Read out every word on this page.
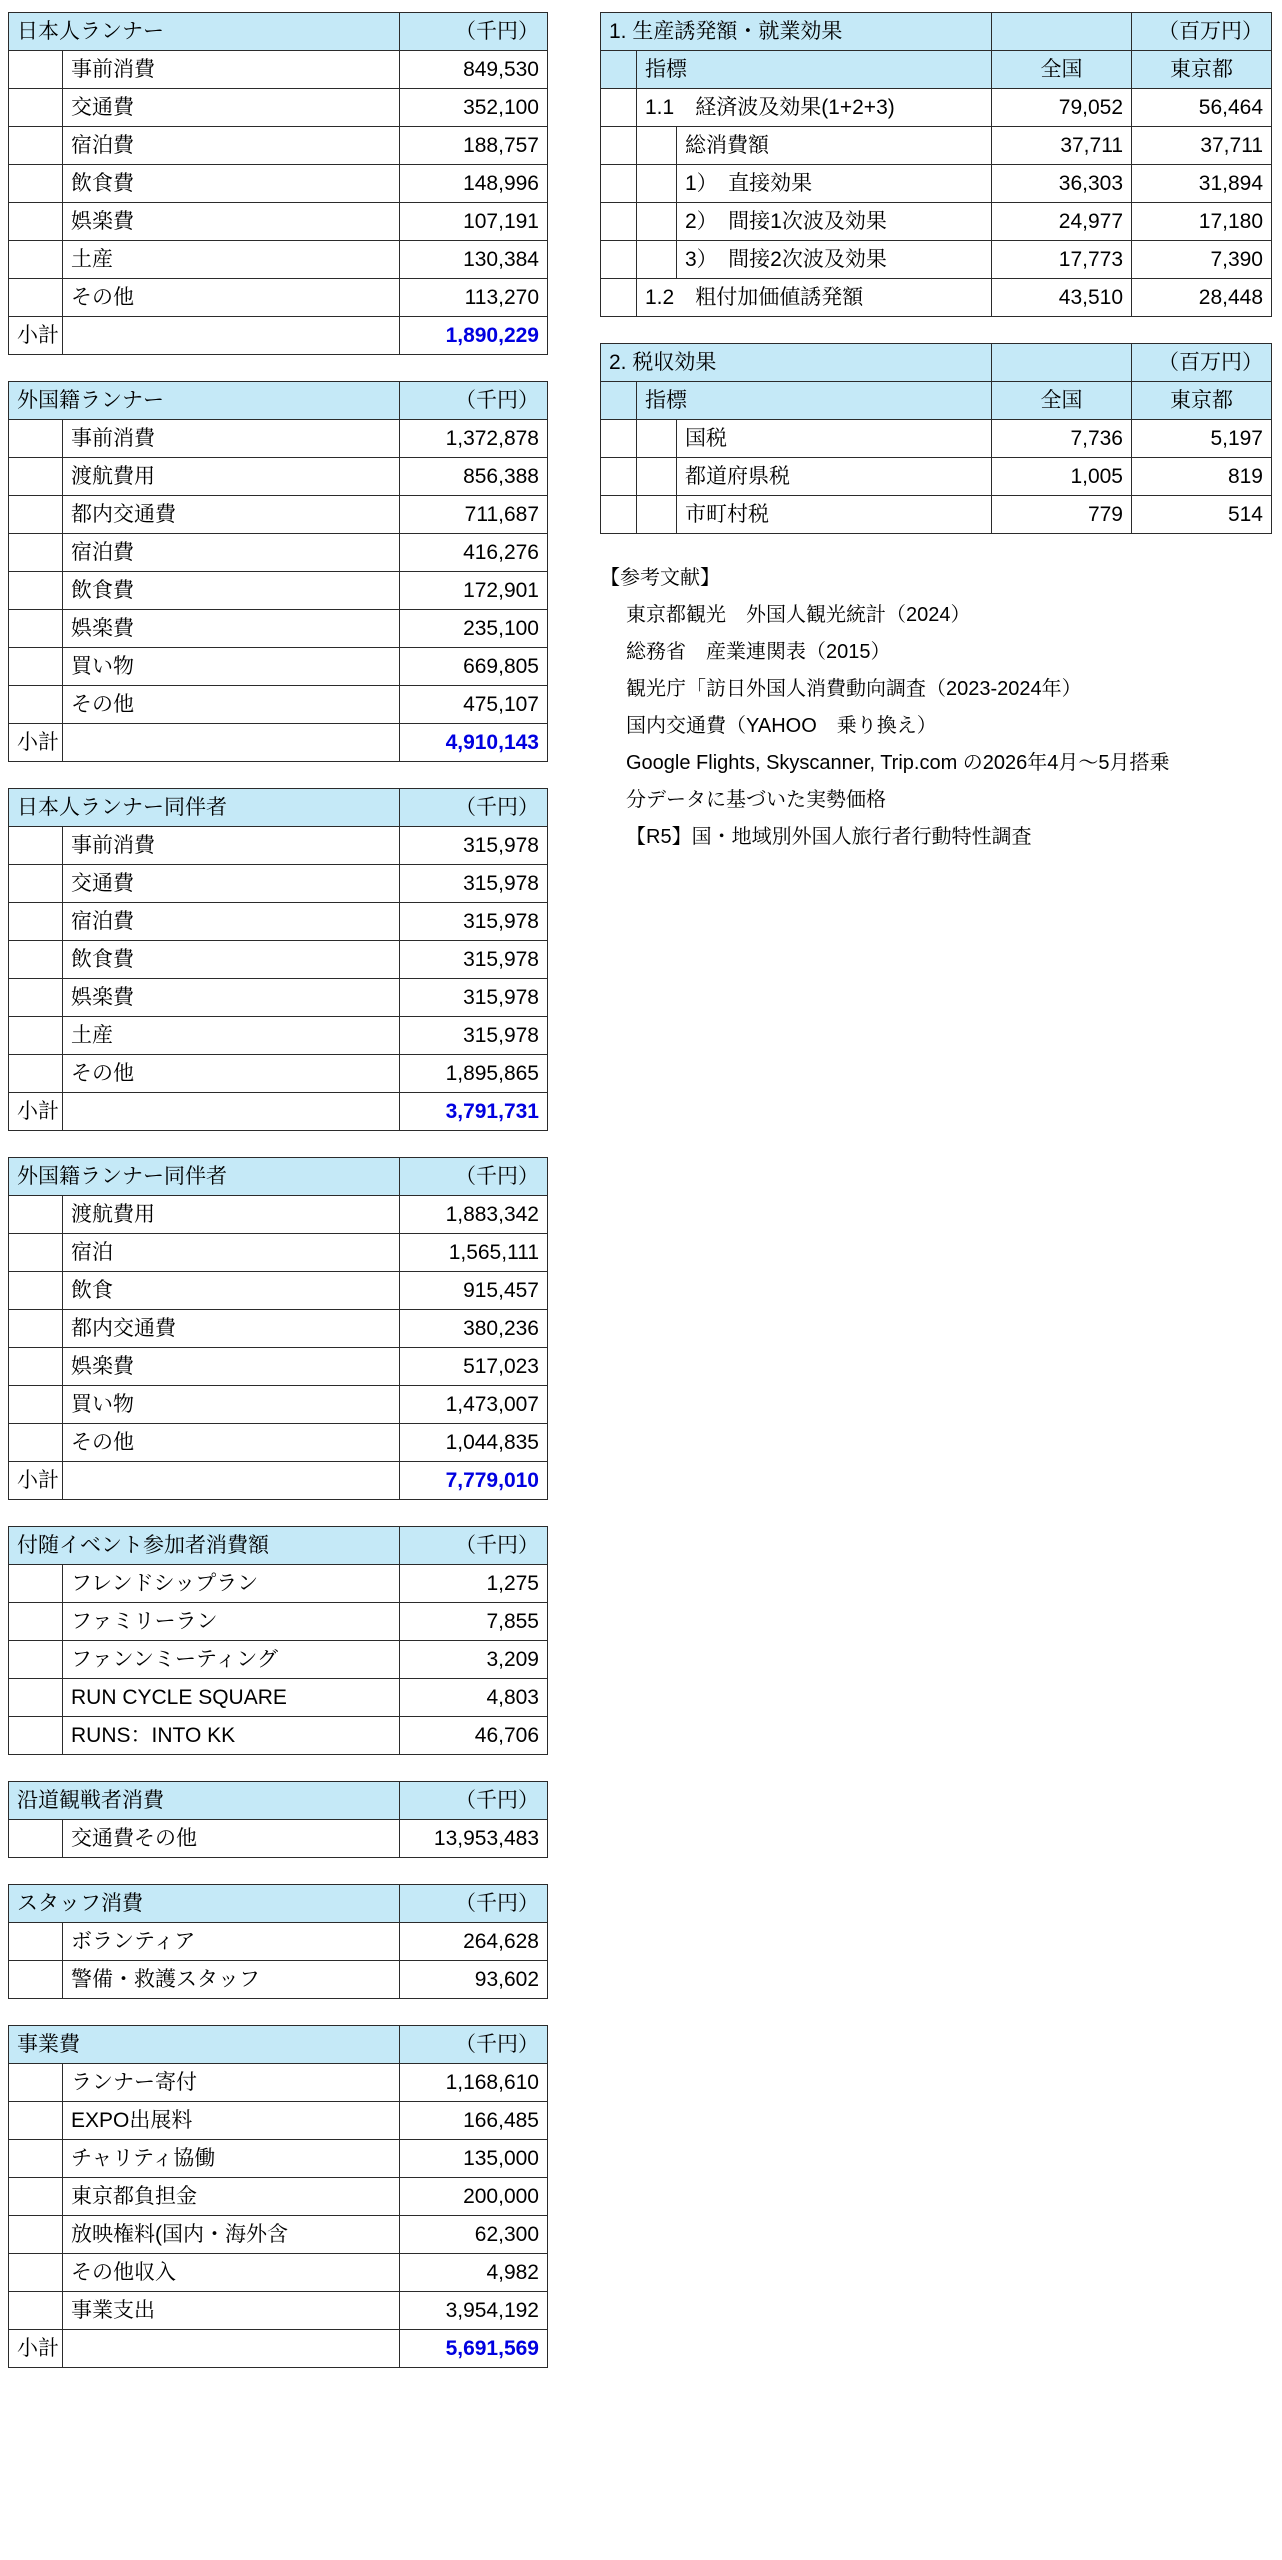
日本人ランナー		（千円）
	事前消費	849,530
	交通費	352,100
	宿泊費	188,757
	飲食費	148,996
	娯楽費	107,191
	土産	130,384
	その他	113,270
小計		1,890,229
外国籍ランナー		（千円）
	事前消費	1,372,878
	渡航費用	856,388
	都内交通費	711,687
	宿泊費	416,276
	飲食費	172,901
	娯楽費	235,100
	買い物	669,805
	その他	475,107
小計		4,910,143
日本人ランナー同伴者		（千円）
	事前消費	315,978
	交通費	315,978
	宿泊費	315,978
	飲食費	315,978
	娯楽費	315,978
	土産	315,978
	その他	1,895,865
小計		3,791,731
外国籍ランナー同伴者		（千円）
	渡航費用	1,883,342
	宿泊	1,565,111
	飲食	915,457
	都内交通費	380,236
	娯楽費	517,023
	買い物	1,473,007
	その他	1,044,835
小計		7,779,010
付随イベント参加者消費額		（千円）
	フレンドシップラン	1,275
	ファミリーラン	7,855
	ファンンミーティング	3,209
	RUN CYCLE SQUARE	4,803
	RUNS：INTO KK	46,706
沿道観戦者消費		（千円）
	交通費その他	13,953,483
スタッフ消費		（千円）
	ボランティア	264,628
	警備・救護スタッフ	93,602
事業費		（千円）
	ランナー寄付	1,168,610
	EXPO出展料	166,485
	チャリティ協働	135,000
	東京都負担金	200,000
	放映権料(国内・海外含	62,300
	その他収入	4,982
	事業支出	3,954,192
小計		5,691,569
1. 生産誘発額・就業効果				（百万円）
	指標		全国	東京都
	1.1　経済波及効果(1+2+3)		79,052	56,464
		総消費額	37,711	37,711
		1）　直接効果	36,303	31,894
		2）　間接1次波及効果	24,977	17,180
		3）　間接2次波及効果	17,773	7,390
	1.2　粗付加価値誘発額		43,510	28,448
2. 税収効果				（百万円）
	指標		全国	東京都
		国税	7,736	5,197
		都道府県税	1,005	819
		市町村税	779	514
【参考文献】
東京都観光　外国人観光統計（2024）
総務省　産業連関表（2015）
観光庁「訪日外国人消費動向調査（2023-2024年）
国内交通費（YAHOO　乗り換え）
Google Flights, Skyscanner, Trip.com の2026年4月〜5月搭乗
分データに基づいた実勢価格
【R5】国・地域別外国人旅行者行動特性調査
